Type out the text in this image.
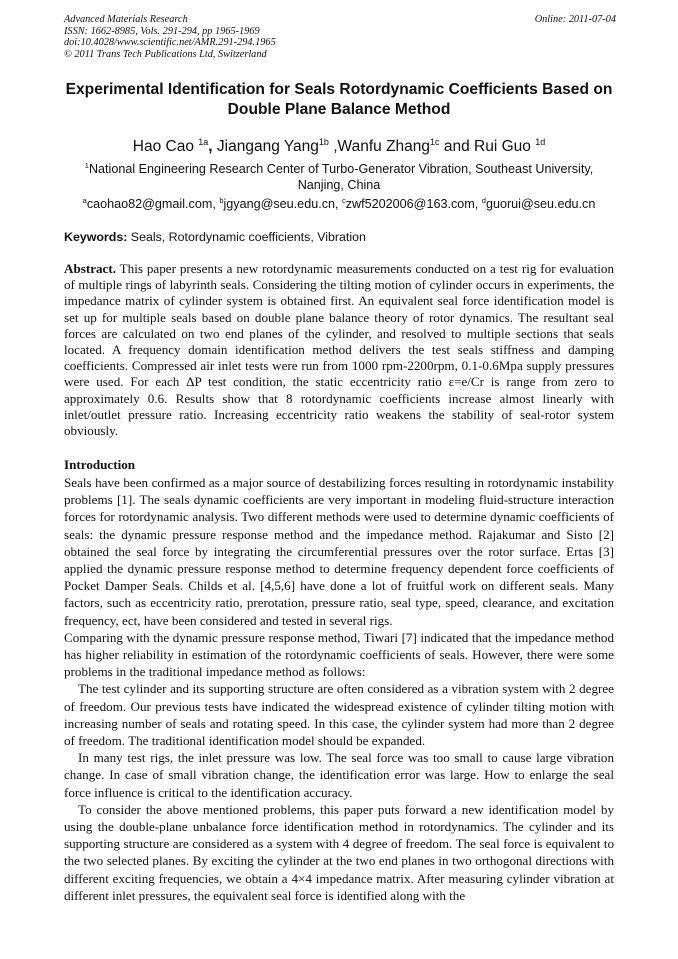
Advanced Materials Research
ISSN: 1662-8985, Vols. 291-294, pp 1965-1969
doi:10.4028/www.scientific.net/AMR.291-294.1965
© 2011 Trans Tech Publications Ltd, Switzerland
Online: 2011-07-04
Experimental Identification for Seals Rotordynamic Coefficients Based on Double Plane Balance Method
Hao Cao $^{1a}$, Jiangang Yang$^{1b}$ ,Wanfu Zhang$^{1c}$ and Rui Guo $^{1d}$
$^1$National Engineering Research Center of Turbo-Generator Vibration, Southeast University, Nanjing, China
$^a$caohao82@gmail.com, $^b$jgyang@seu.edu.cn, $^c$zwf5202006@163.com, $^d$guorui@seu.edu.cn
Keywords: Seals, Rotordynamic coefficients, Vibration
Abstract. This paper presents a new rotordynamic measurements conducted on a test rig for evaluation of multiple rings of labyrinth seals. Considering the tilting motion of cylinder occurs in experiments, the impedance matrix of cylinder system is obtained first. An equivalent seal force identification model is set up for multiple seals based on double plane balance theory of rotor dynamics. The resultant seal forces are calculated on two end planes of the cylinder, and resolved to multiple sections that seals located. A frequency domain identification method delivers the test seals stiffness and damping coefficients. Compressed air inlet tests were run from 1000 rpm-2200rpm, 0.1-0.6Mpa supply pressures were used. For each ΔP test condition, the static eccentricity ratio ε=e/Cr is range from zero to approximately 0.6. Results show that 8 rotordynamic coefficients increase almost linearly with inlet/outlet pressure ratio. Increasing eccentricity ratio weakens the stability of seal-rotor system obviously.
Introduction

Seals have been confirmed as a major source of destabilizing forces resulting in rotordynamic instability problems [1]. The seals dynamic coefficients are very important in modeling fluid-structure interaction forces for rotordynamic analysis. Two different methods were used to determine dynamic coefficients of seals: the dynamic pressure response method and the impedance method. Rajakumar and Sisto [2] obtained the seal force by integrating the circumferential pressures over the rotor surface. Ertas [3] applied the dynamic pressure response method to determine frequency dependent force coefficients of Pocket Damper Seals. Childs et al. [4,5,6] have done a lot of fruitful work on different seals. Many factors, such as eccentricity ratio, prerotation, pressure ratio, seal type, speed, clearance, and excitation frequency, ect, have been considered and tested in several rigs.

Comparing with the dynamic pressure response method, Tiwari [7] indicated that the impedance method has higher reliability in estimation of the rotordynamic coefficients of seals. However, there were some problems in the traditional impedance method as follows:

The test cylinder and its supporting structure are often considered as a vibration system with 2 degree of freedom. Our previous tests have indicated the widespread existence of cylinder tilting motion with increasing number of seals and rotating speed. In this case, the cylinder system had more than 2 degree of freedom. The traditional identification model should be expanded.

In many test rigs, the inlet pressure was low. The seal force was too small to cause large vibration change. In case of small vibration change, the identification error was large. How to enlarge the seal force influence is critical to the identification accuracy.

To consider the above mentioned problems, this paper puts forward a new identification model by using the double-plane unbalance force identification method in rotordynamics. The cylinder and its supporting structure are considered as a system with 4 degree of freedom. The seal force is equivalent to the two selected planes. By exciting the cylinder at the two end planes in two orthogonal directions with different exciting frequencies, we obtain a 4×4 impedance matrix. After measuring cylinder vibration at different inlet pressures, the equivalent seal force is identified along with the
